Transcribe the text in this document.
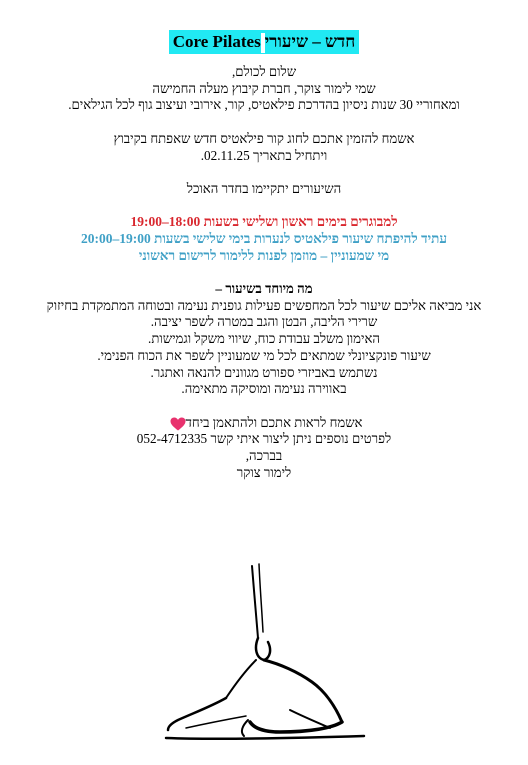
חדש – שיעוריCore Pilates
שלום לכולם,
שמי לימור צוקר, חברת קיבוץ מעלה החמישה
ומאחוריי 30 שנות ניסיון בהדרכת פילאטיס, קור, אירובי ועיצוב גוף לכל הגילאים.
אשמח להזמין אתכם לחוג קור פילאטיס חדש שאפתח בקיבוץ
ויתחיל בתאריך 02.11.25.
השיעורים יתקיימו בחדר האוכל
למבוגרים בימים ראשון ושלישי בשעות 18:00–19:00
עתיד להיפתח שיעור פילאטיס לנערות בימי שלישי בשעות 19:00–20:00
מי שמעוניין – מוזמן לפנות ללימור לרישום ראשוני
מה מיוחד בשיעור –
אני מביאה אליכם שיעור לכל המחפשים פעילות גופנית נעימה ובטוחה המתמקדת בחיזוק
שרירי הליבה, הבטן והגב במטרה לשפר יציבה.
האימון משלב עבודת כוח, שיווי משקל וגמישות.
שיעור פונקציונלי שמתאים לכל מי שמעוניין לשפר את הכוח הפנימי.
נשתמש באביזרי ספורט מגוונים להנאה ואתגר.
באווירה נעימה ומוסיקה מתאימה.
אשמח לראות אתכם ולהתאמן ביחד
לפרטים נוספים ניתן ליצור איתי קשר 052-4712335
בברכה,
לימור צוקר
